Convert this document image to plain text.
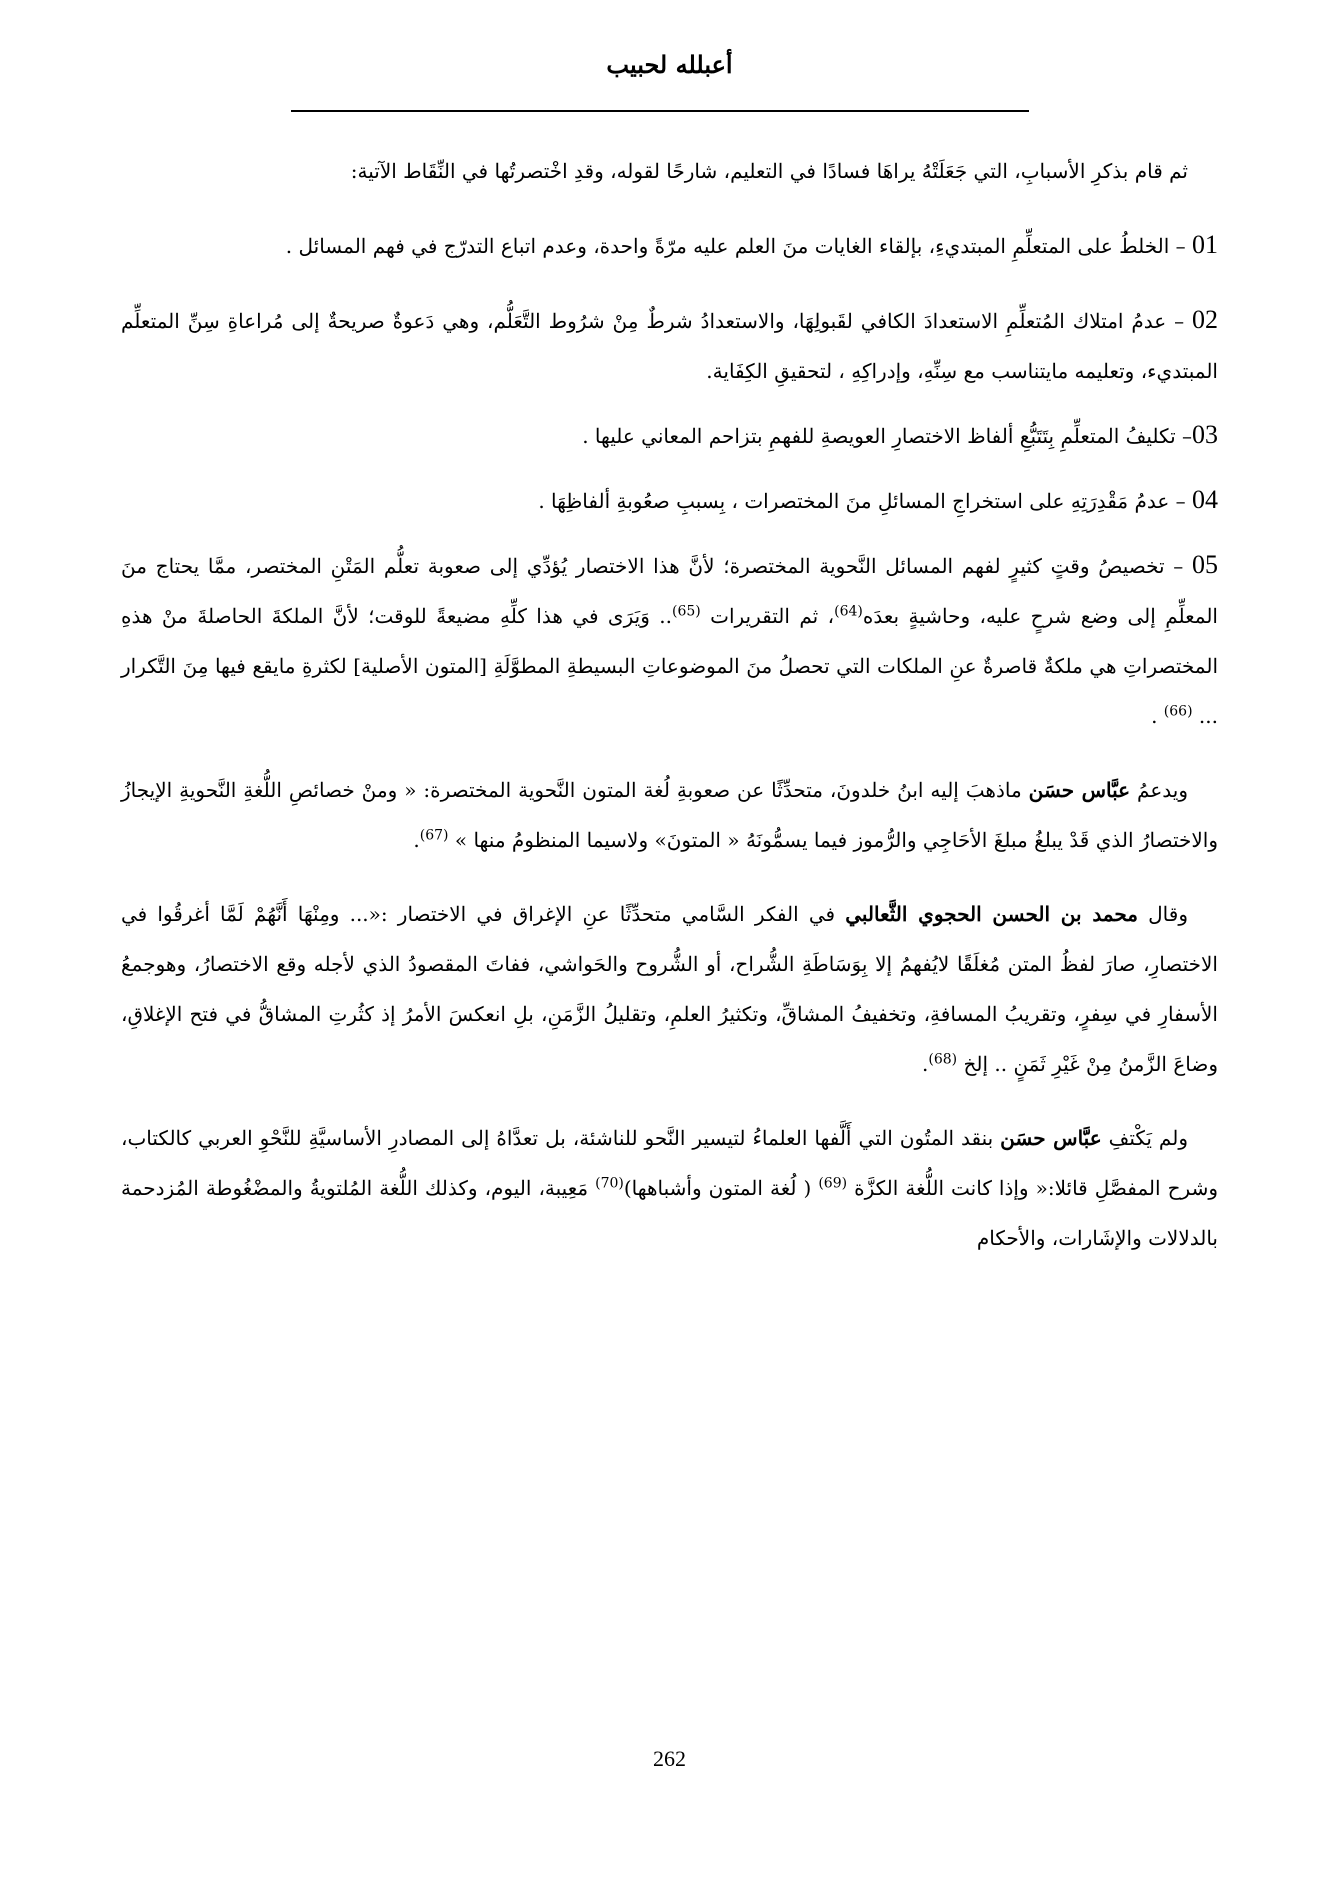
أعبلله لحبيب

ثم قام بذكرِ الأسبابِ، التي جَعَلَتْهُ يراهَا فسادًا في التعليم، شارحًا لقوله، وقدِ اخْتصرتُها في النِّقَاط الآتية:

01 – الخلطُ على المتعلِّمِ المبتديءِ، بإلقاء الغايات منَ العلم عليه مرّةً واحدة، وعدم اتباع التدرّج في فهم المسائل .

02 – عدمُ امتلاك المُتعلِّمِ الاستعدادَ الكافي لقَبولِهَا، والاستعدادُ شرطٌ مِنْ شرُوط التَّعَلُّم، وهي دَعوةٌ صريحةٌ إلى مُراعاةِ سِنِّ المتعلِّم المبتديء، وتعليمه مايتناسب مع سِنِّهِ، وإدراكِهِ ، لتحقيقِ الكِفَاية.

03– تكليفُ المتعلِّمِ بِتَتَبُّعِ ألفاظ الاختصارِ العويصةِ للفهمِ بتزاحم المعاني عليها .

04 – عدمُ مَقْدِرَتِهِ على استخراجِ المسائلِ منَ المختصرات ، بِسببِ صعُوبةِ ألفاظِهَا .

05 – تخصيصُ وقتٍ كثيرٍ لفهم المسائل النَّحوية المختصرة؛ لأنَّ هذا الاختصار يُؤدِّي إلى صعوبة تعلُّم المَتْنِ المختصر، ممَّا يحتاج منَ المعلِّمِ إلى وضع شرحٍ عليه، وحاشيةٍ بعدَه$^{(64)}$، ثم التقريرات $^{(65)}$.. وَيَرَى في هذا كلِّهِ مضيعةً للوقت؛ لأنَّ الملكةَ الحاصلةَ منْ هذهِ المختصراتِ هي ملكةٌ قاصرةٌ عنِ الملكات التي تحصلُ منَ الموضوعاتِ البسيطةِ المطوَّلَةِ [المتون الأصلية] لكثرةِ مايقع فيها مِنَ التَّكرار ... $^{(66)}$ .

ويدعمُ عبَّاس حسَن ماذهبَ إليه ابنُ خلدونَ، متحدِّثًا عن صعوبةِ لُغة المتون النَّحوية المختصرة: « ومنْ خصائصِ اللُّغةِ النَّحويةِ الإيجازُ والاختصارُ الذي قَدْ يبلغُ مبلغَ الأحَاجِي والرُّموز فيما يسمُّونَهُ « المتونَ» ولاسيما المنظومُ منها » $^{(67)}$.

وقال محمد بن الحسن الحجوي الثَّعالبي في الفكر السَّامي متحدِّثًا عنِ الإغراق في الاختصار :«... ومِنْهَا أَنَّهُمْ لَمَّا أغرقُوا في الاختصارِ، صارَ لفظُ المتن مُغلَقًا لايُفهمُ إلا بِوَسَاطَةِ الشُّراح، أو الشُّروح والحَواشي، ففاتَ المقصودُ الذي لأجله وقع الاختصارُ، وهوجمعُ الأسفارِ في سِفرٍ، وتقريبُ المسافةِ، وتخفيفُ المشاقِّ، وتكثيرُ العلمِ، وتقليلُ الزَّمَنِ، بلِ انعكسَ الأمرُ إذ كثُرتِ المشاقُّ في فتح الإغلاقِ، وضاعَ الزَّمنُ مِنْ غَيْرِ ثَمَنٍ .. إلخ $^{(68)}$.

ولم يَكْتفِ عبَّاس حسَن بنقد المتُون التي أَلَّفها العلماءُ لتيسير النَّحو للناشئة، بل تعدَّاهُ إلى المصادرِ الأساسيَّةِ للنَّحْوِ العربي كالكتاب، وشرح المفصَّلِ قائلا:« وإذا كانت اللُّغة الكزَّة $^{(69)}$ ( لُغة المتون وأشباهها)$^{(70)}$ مَعِيبة، اليوم، وكذلك اللُّغة المُلتويةُ والمضْغُوطة المُزدحمة بالدلالات والإشَارات، والأحكام

262
